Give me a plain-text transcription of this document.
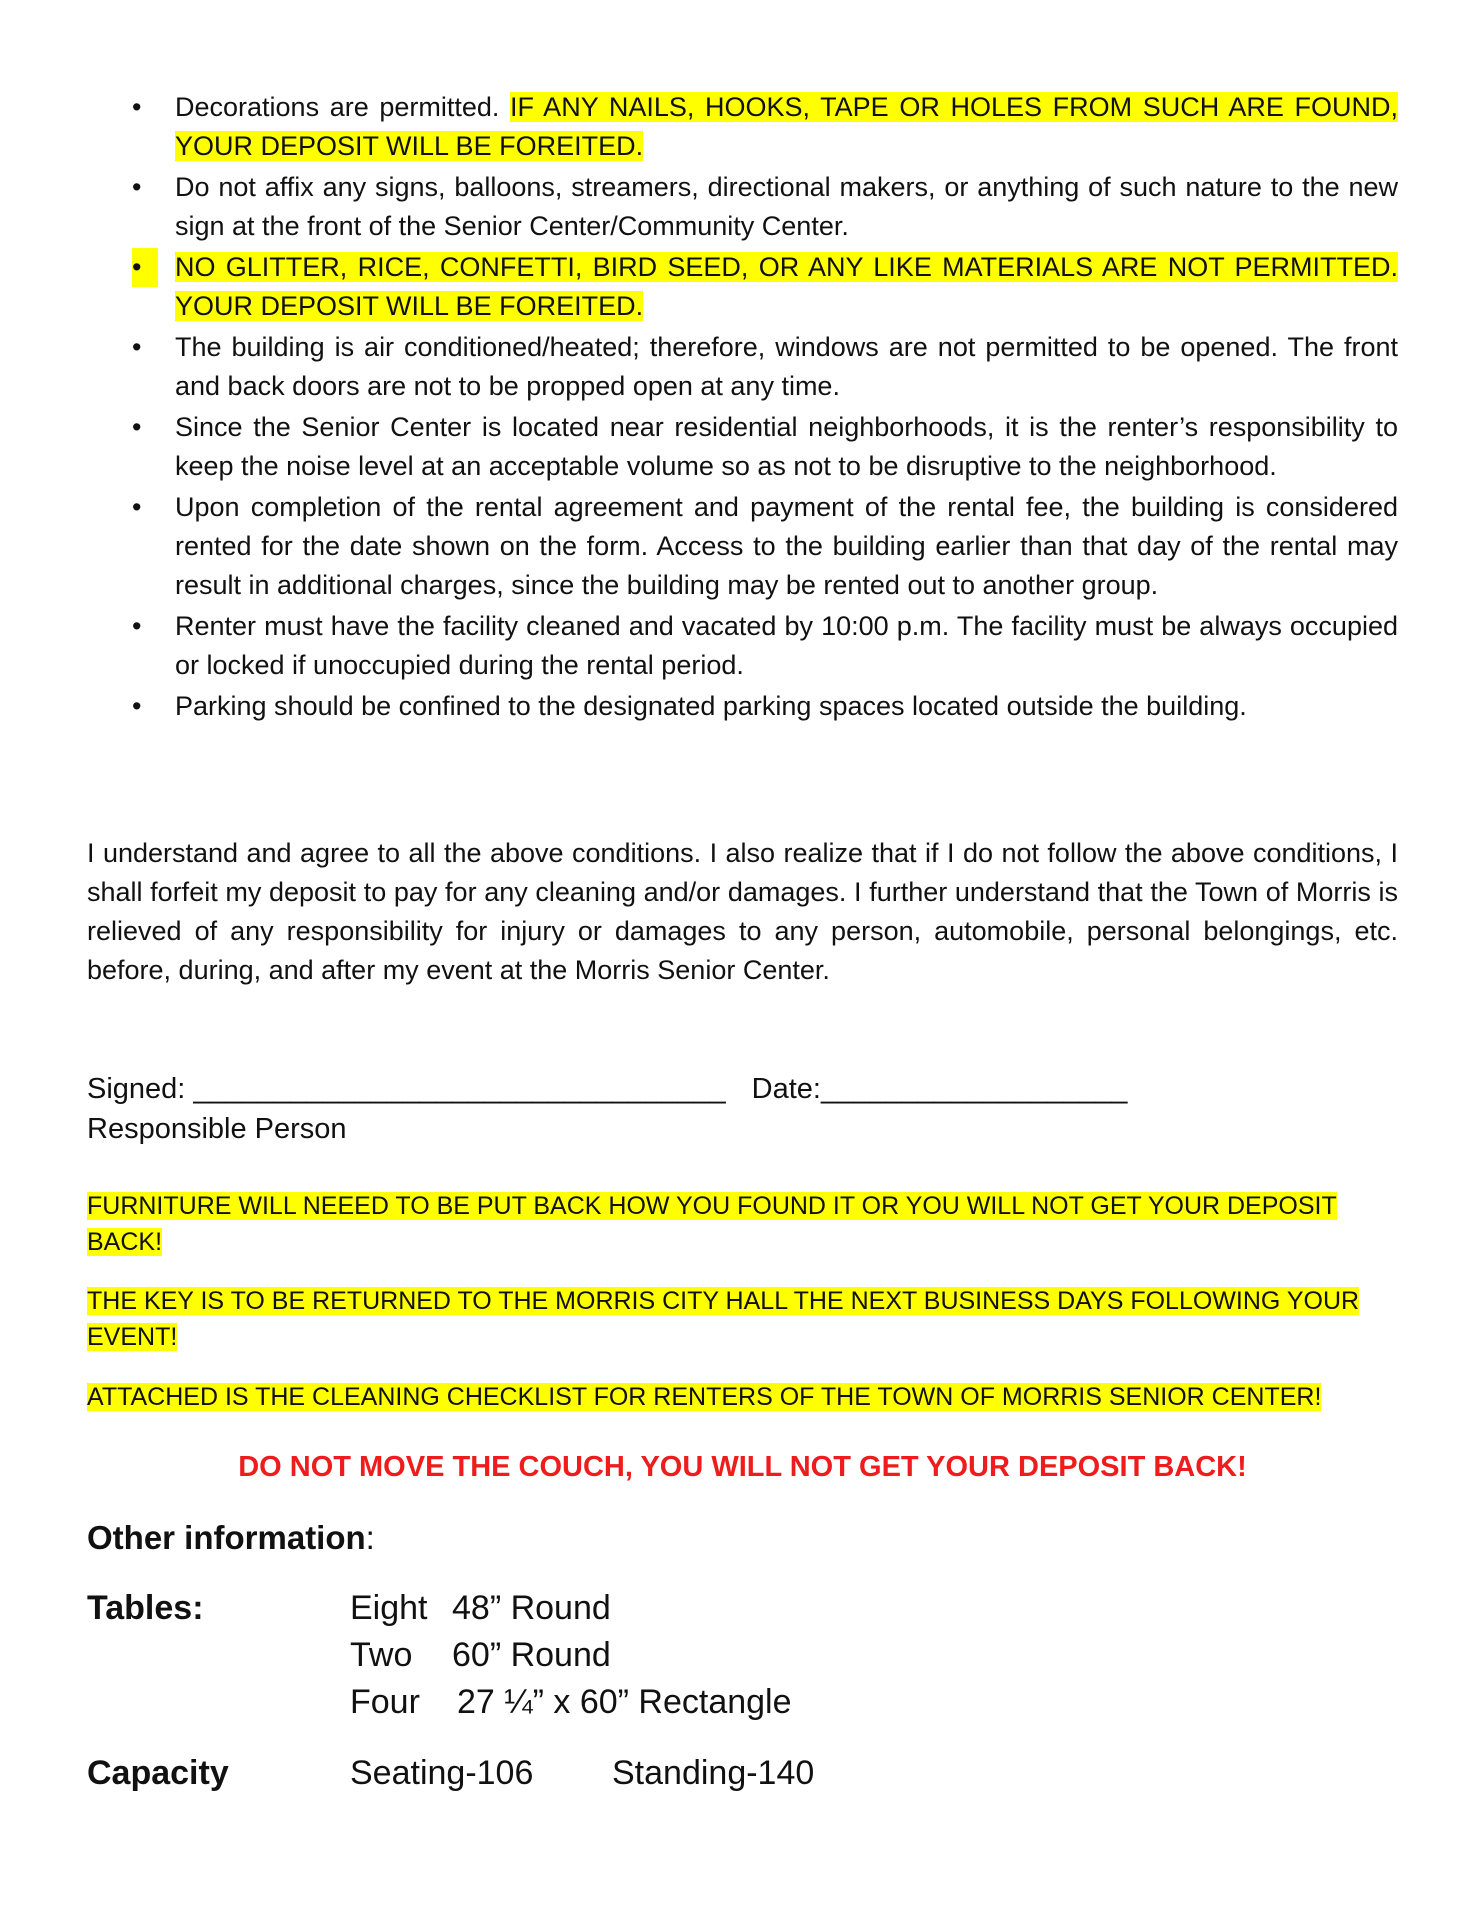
•	Decorations are permitted. IF ANY NAILS, HOOKS, TAPE OR HOLES FROM SUCH ARE FOUND, YOUR DEPOSIT WILL BE FOREITED.
•	Do not affix any signs, balloons, streamers, directional makers, or anything of such nature to the new sign at the front of the Senior Center/Community Center.
•	NO GLITTER, RICE, CONFETTI, BIRD SEED, OR ANY LIKE MATERIALS ARE NOT PERMITTED. YOUR DEPOSIT WILL BE FOREITED.
•	The building is air conditioned/heated; therefore, windows are not permitted to be opened. The front and back doors are not to be propped open at any time.
•	Since the Senior Center is located near residential neighborhoods, it is the renter’s responsibility to keep the noise level at an acceptable volume so as not to be disruptive to the neighborhood.
•	Upon completion of the rental agreement and payment of the rental fee, the building is considered rented for the date shown on the form. Access to the building earlier than that day of the rental may result in additional charges, since the building may be rented out to another group.
•	Renter must have the facility cleaned and vacated by 10:00 p.m. The facility must be always occupied or locked if unoccupied during the rental period.
•	Parking should be confined to the designated parking spaces located outside the building.
I understand and agree to all the above conditions. I also realize that if I do not follow the above conditions, I shall forfeit my deposit to pay for any cleaning and/or damages. I further understand that the Town of Morris is relieved of any responsibility for injury or damages to any person, automobile, personal belongings, etc. before, during, and after my event at the Morris Senior Center.
Signed: _________________________________ Date:___________________
Responsible Person
FURNITURE WILL NEEED TO BE PUT BACK HOW YOU FOUND IT OR YOU WILL NOT GET YOUR DEPOSIT BACK!
THE KEY IS TO BE RETURNED TO THE MORRIS CITY HALL THE NEXT BUSINESS DAYS FOLLOWING YOUR EVENT!
ATTACHED IS THE CLEANING CHECKLIST FOR RENTERS OF THE TOWN OF MORRIS SENIOR CENTER!
DO NOT MOVE THE COUCH, YOU WILL NOT GET YOUR DEPOSIT BACK!
Other information:
Tables:	Eight 48” Round
Two 60” Round
Four 27 ¼” x 60” Rectangle
Capacity	Seating-106 Standing-140
